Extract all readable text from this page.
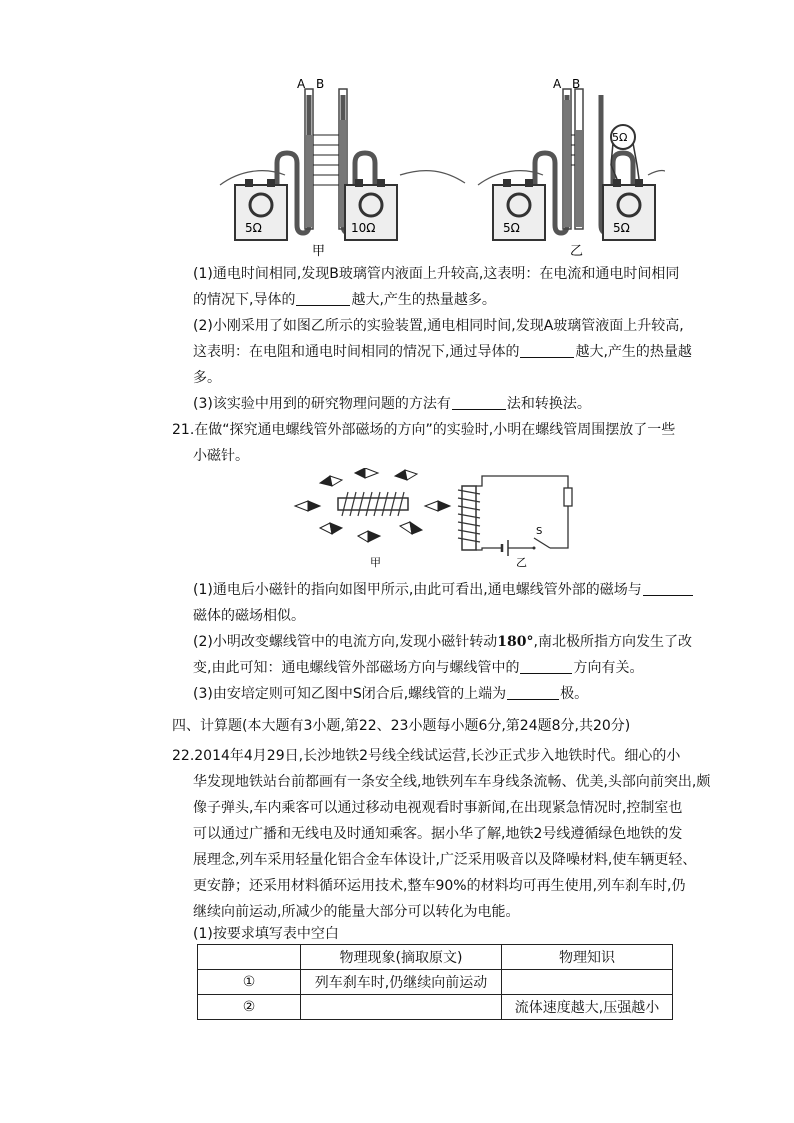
A B
5Ω	10Ω
甲
A B
5Ω
5Ω	5Ω
乙
(1)通电时间相同,发现B玻璃管内液面上升较高,这表明：在电流和通电时间相同
的情况下,导体的	越大,产生的热量越多。
(2)小刚采用了如图乙所示的实验装置,通电相同时间,发现A玻璃管液面上升较高,
这表明：在电阻和通电时间相同的情况下,通过导体的	越大,产生的热量越
多。
(3)该实验中用到的研究物理问题的方法有	法和转换法。
21.在做“探究通电螺线管外部磁场的方向”的实验时,小明在螺线管周围摆放了一些
小磁针。
甲
S
乙
(1)通电后小磁针的指向如图甲所示,由此可看出,通电螺线管外部的磁场与
磁体的磁场相似。
(2)小明改变螺线管中的电流方向,发现小磁针转动180°,南北极所指方向发生了改
变,由此可知：通电螺线管外部磁场方向与螺线管中的	方向有关。
(3)由安培定则可知乙图中S闭合后,螺线管的上端为	极。
四、计算题(本大题有3小题,第22、23小题每小题6分,第24题8分,共20分)
22.2014年4月29日,长沙地铁2号线全线试运营,长沙正式步入地铁时代。细心的小
华发现地铁站台前都画有一条安全线,地铁列车车身线条流畅、优美,头部向前突出,颇
像子弹头,车内乘客可以通过移动电视观看时事新闻,在出现紧急情况时,控制室也
可以通过广播和无线电及时通知乘客。据小华了解,地铁2号线遵循绿色地铁的发
展理念,列车采用轻量化铝合金车体设计,广泛采用吸音以及降噪材料,使车辆更轻、
更安静；还采用材料循环运用技术,整车90%的材料均可再生使用,列车刹车时,仍
继续向前运动,所减少的能量大部分可以转化为电能。
(1)按要求填写表中空白
	物理现象(摘取原文)	物理知识
①	列车刹车时,仍继续向前运动	
②		流体速度越大,压强越小
